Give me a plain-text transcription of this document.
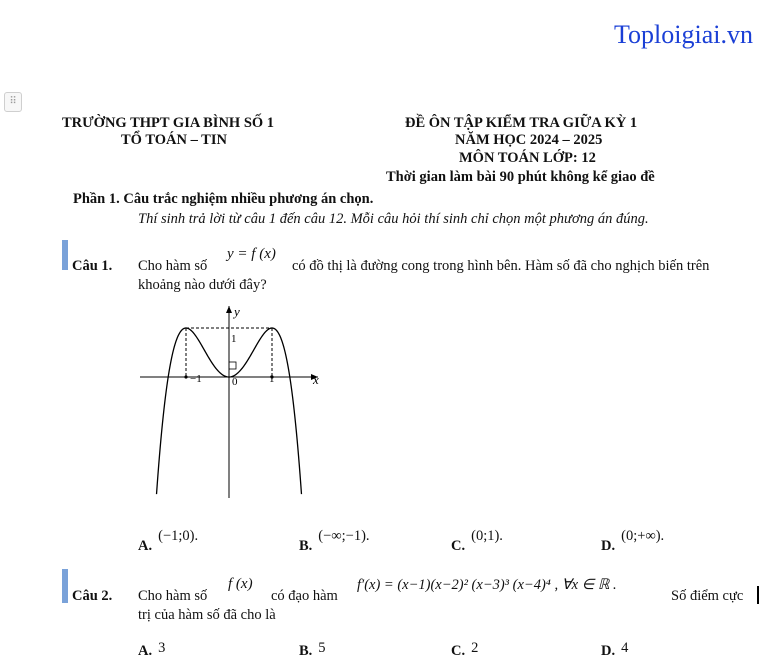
Toploigiai.vn
⠿
TRƯỜNG THPT GIA BÌNH SỐ 1
TỔ TOÁN – TIN
ĐỀ ÔN TẬP KIỂM TRA GIỮA KỲ 1
NĂM HỌC 2024 – 2025
MÔN TOÁN LỚP: 12
Thời gian làm bài 90 phút không kể giao đề
Phần 1. Câu trắc nghiệm nhiều phương án chọn.
Thí sinh trả lời từ câu 1 đến câu 12. Mỗi câu hỏi thí sinh chỉ chọn một phương án đúng.
Câu 1. Cho hàm số
y = f (x)
có đồ thị là đường cong trong hình bên. Hàm số đã cho nghịch biến trên
khoảng nào dưới đây?
y
x
1
−1	0	1
A.(−1;0).
B.(−∞;−1).
C.(0;1).
D.(0;+∞).
Câu 2. Cho hàm số
f (x)
có đạo hàm
f′(x) = (x−1)(x−2)² (x−3)³ (x−4)⁴ , ∀x ∈ ℝ .
Số điểm cực
trị của hàm số đã cho là
A. 3	B. 5	C. 2	D. 4
